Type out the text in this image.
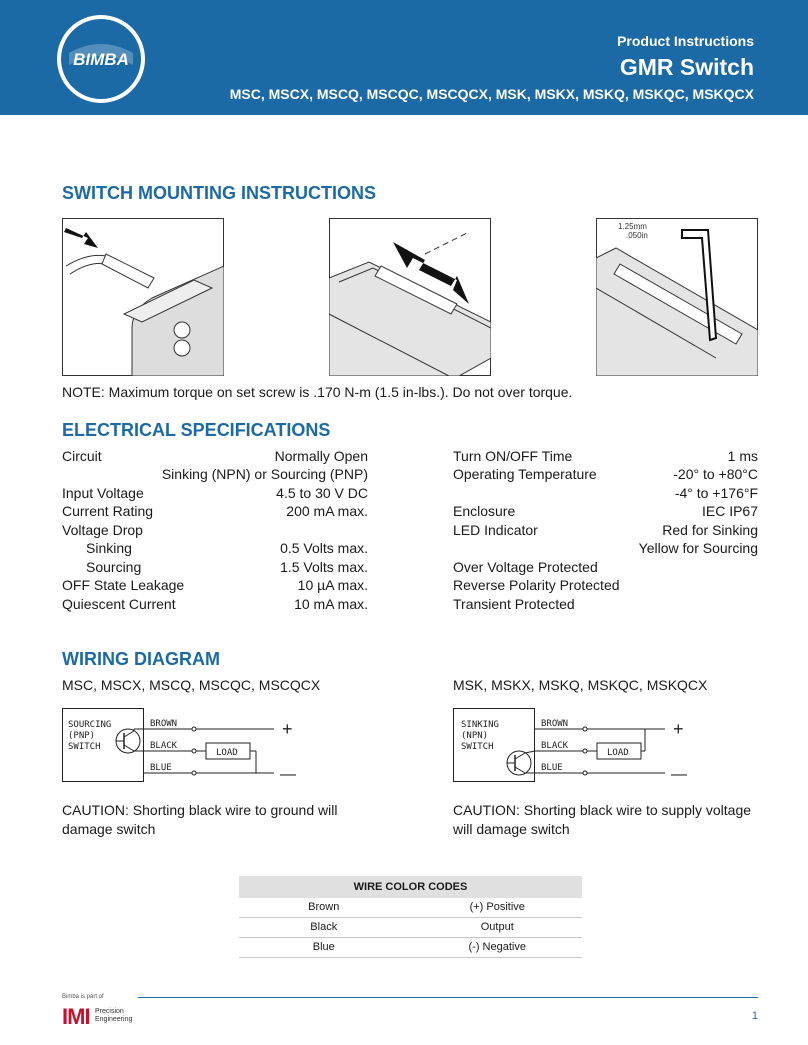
BIMBA
Product Instructions
GMR Switch
MSC, MSCX, MSCQ, MSCQC, MSCQCX, MSK, MSKX, MSKQ, MSKQC, MSKQCX
SWITCH MOUNTING INSTRUCTIONS
1.25mm
.050in
NOTE: Maximum torque on set screw is .170 N-m (1.5 in-lbs.). Do not over torque.
ELECTRICAL SPECIFICATIONS
Circuit	Normally Open
Sinking (NPN) or Sourcing (PNP)
Input Voltage	4.5 to 30 V DC
Current Rating	200 mA max.
Voltage Drop
Sinking	0.5 Volts max.
Sourcing	1.5 Volts max.
OFF State Leakage	10 µA max.
Quiescent Current	10 mA max.
Turn ON/OFF Time	1 ms
Operating Temperature	-20° to +80°C
-4° to +176°F
Enclosure	IEC IP67
LED Indicator	Red for Sinking
Yellow for Sourcing
Over Voltage Protected
Reverse Polarity Protected
Transient Protected
WIRING DIAGRAM
MSC, MSCX, MSCQ, MSCQC, MSCQCX	MSK, MSKX, MSKQ, MSKQC, MSKQCX
SOURCING
(PNP)
SWITCH
BROWN
BLACK
BLUE
LOAD
+
—
SINKING
(NPN)
SWITCH
BROWN
BLACK
BLUE
LOAD
+
—
CAUTION: Shorting black wire to ground will
damage switch
CAUTION: Shorting black wire to supply voltage
will damage switch
WIRE COLOR CODES
Brown	(+) Positive
Black	Output
Blue	(-) Negative
Bimba is part of
IMI Precision
Engineering	1
